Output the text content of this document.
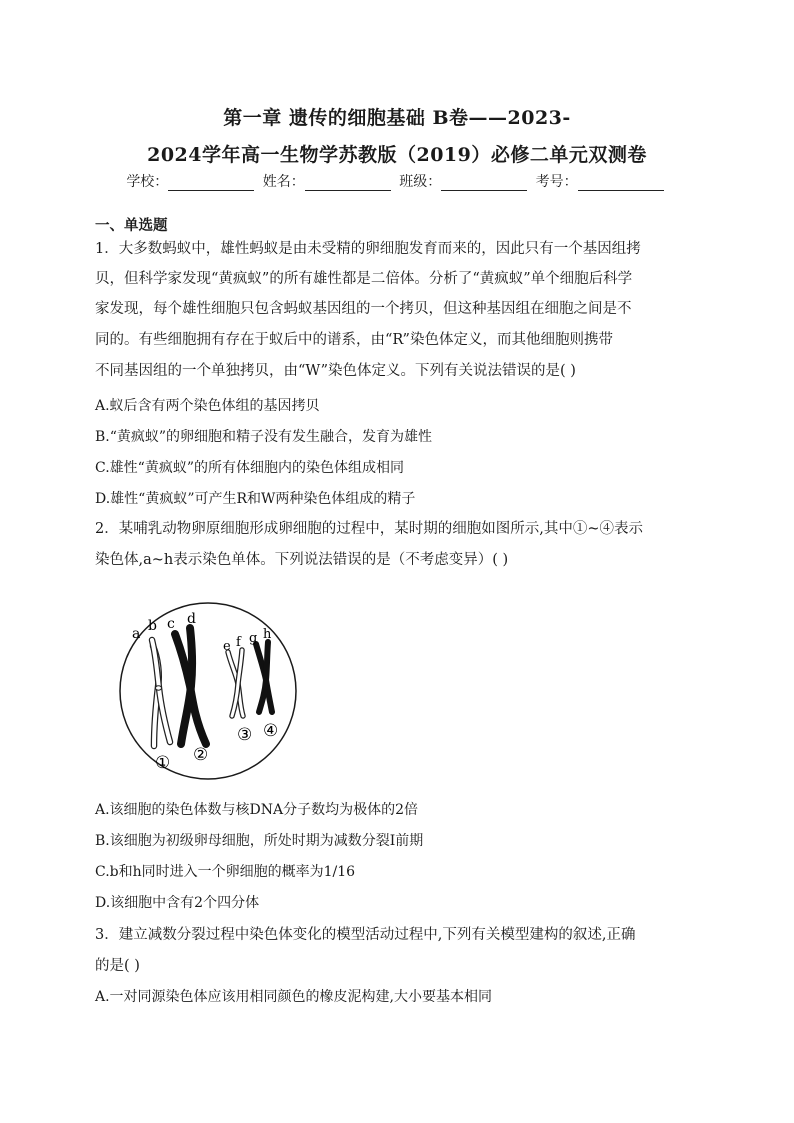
第一章 遗传的细胞基础 B卷——2023-
2024学年高一生物学苏教版（2019）必修二单元双测卷
学校：	姓名：	班级：	考号：
一、单选题
1．大多数蚂蚁中，雄性蚂蚁是由未受精的卵细胞发育而来的，因此只有一个基因组拷
贝，但科学家发现“黄疯蚁”的所有雄性都是二倍体。分析了“黄疯蚁”单个细胞后科学
家发现，每个雄性细胞只包含蚂蚁基因组的一个拷贝，但这种基因组在细胞之间是不
同的。有些细胞拥有存在于蚁后中的谱系，由“R”染色体定义，而其他细胞则携带
不同基因组的一个单独拷贝，由“W”染色体定义。下列有关说法错误的是( )
A.蚁后含有两个染色体组的基因拷贝
B.“黄疯蚁”的卵细胞和精子没有发生融合，发育为雄性
C.雄性“黄疯蚁”的所有体细胞内的染色体组成相同
D.雄性“黄疯蚁”可产生R和W两种染色体组成的精子
2．某哺乳动物卵原细胞形成卵细胞的过程中，某时期的细胞如图所示,其中①~④表示
染色体,a~h表示染色单体。下列说法错误的是（不考虑变异）( )
a b c d
e f g h
① ②
③ ④
A.该细胞的染色体数与核DNA分子数均为极体的2倍
B.该细胞为初级卵母细胞，所处时期为减数分裂Ⅰ前期
C.b和h同时进入一个卵细胞的概率为1/16
D.该细胞中含有2个四分体
3．建立减数分裂过程中染色体变化的模型活动过程中,下列有关模型建构的叙述,正确
的是( )
A.一对同源染色体应该用相同颜色的橡皮泥构建,大小要基本相同
